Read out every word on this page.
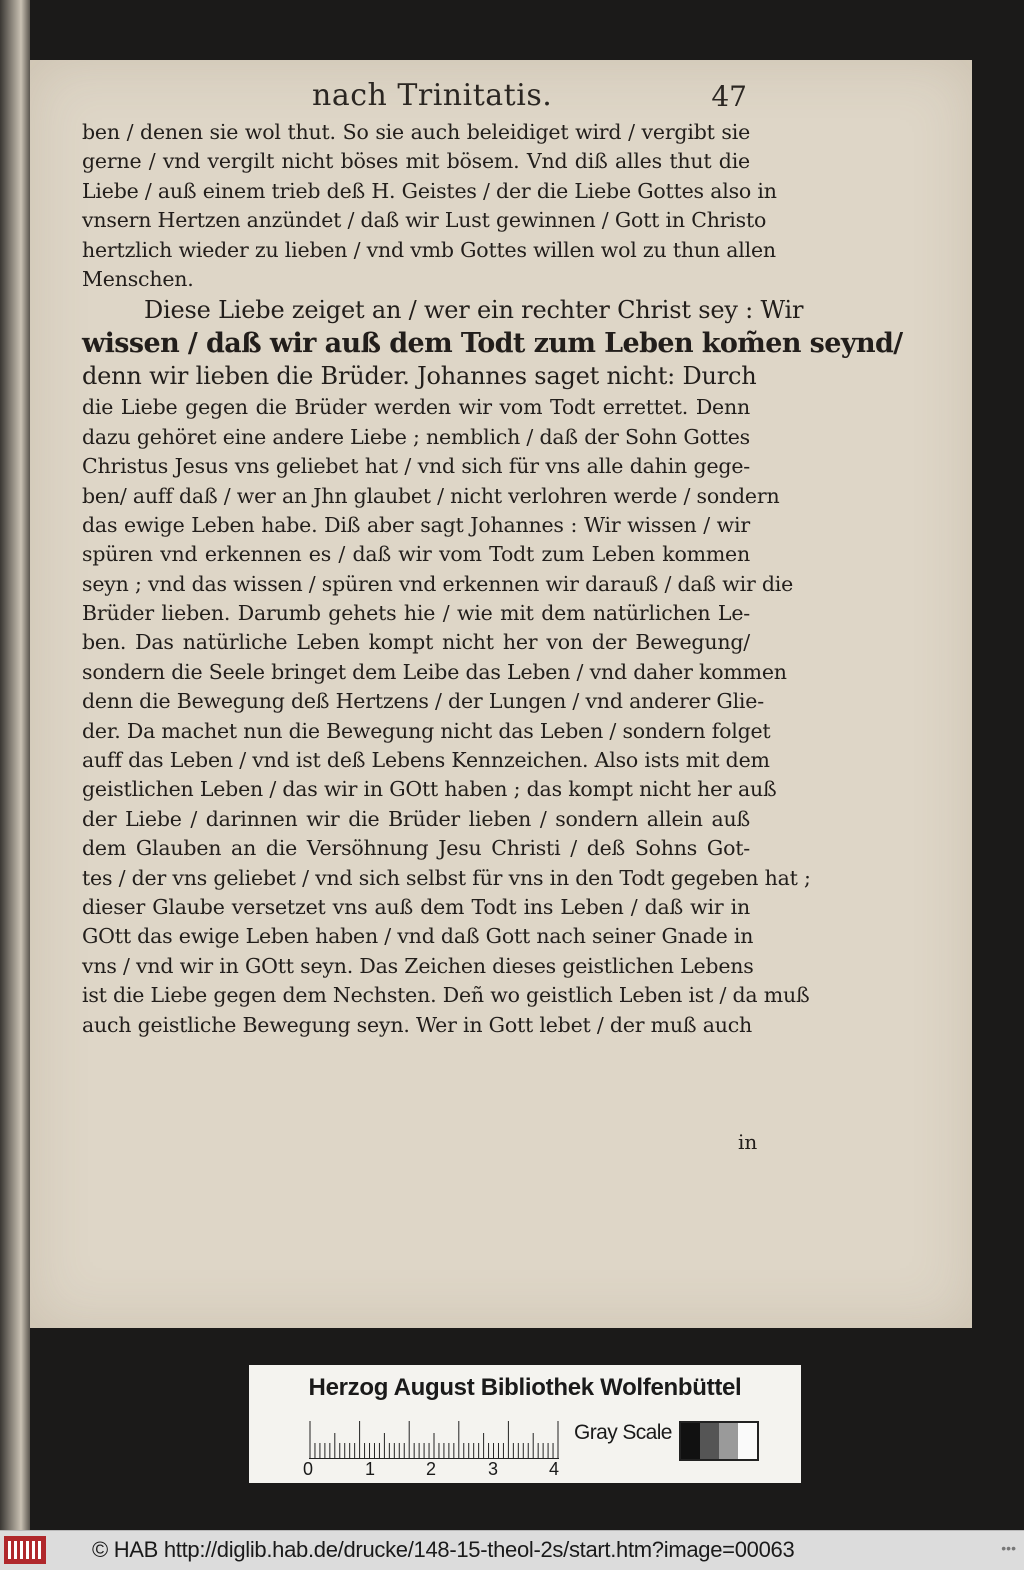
nach Trinitatis.	47
ben / denen sie wol thut. So sie auch beleidiget wird / vergibt sie
gerne / vnd vergilt nicht böses mit bösem. Vnd diß alles thut die
Liebe / auß einem trieb deß H. Geistes / der die Liebe Gottes also in
vnsern Hertzen anzündet / daß wir Lust gewinnen / Gott in Christo
hertzlich wieder zu lieben / vnd vmb Gottes willen wol zu thun allen
Menschen.
Diese Liebe zeiget an / wer ein rechter Christ sey : Wir
wissen / daß wir auß dem Todt zum Leben kom̃en seynd/
denn wir lieben die Brüder. Johannes saget nicht: Durch
die Liebe gegen die Brüder werden wir vom Todt errettet. Denn
dazu gehöret eine andere Liebe ; nemblich / daß der Sohn Gottes
Christus Jesus vns geliebet hat / vnd sich für vns alle dahin gege-
ben/ auff daß / wer an Jhn glaubet / nicht verlohren werde / sondern
das ewige Leben habe. Diß aber sagt Johannes : Wir wissen / wir
spüren vnd erkennen es / daß wir vom Todt zum Leben kommen
seyn ; vnd das wissen / spüren vnd erkennen wir darauß / daß wir die
Brüder lieben. Darumb gehets hie / wie mit dem natürlichen Le-
ben. Das natürliche Leben kompt nicht her von der Bewegung/
sondern die Seele bringet dem Leibe das Leben / vnd daher kommen
denn die Bewegung deß Hertzens / der Lungen / vnd anderer Glie-
der. Da machet nun die Bewegung nicht das Leben / sondern folget
auff das Leben / vnd ist deß Lebens Kennzeichen. Also ists mit dem
geistlichen Leben / das wir in GOtt haben ; das kompt nicht her auß
der Liebe / darinnen wir die Brüder lieben / sondern allein auß
dem Glauben an die Versöhnung Jesu Christi / deß Sohns Got-
tes / der vns geliebet / vnd sich selbst für vns in den Todt gegeben hat ;
dieser Glaube versetzet vns auß dem Todt ins Leben / daß wir in
GOtt das ewige Leben haben / vnd daß Gott nach seiner Gnade in
vns / vnd wir in GOtt seyn. Das Zeichen dieses geistlichen Lebens
ist die Liebe gegen dem Nechsten. Deñ wo geistlich Leben ist / da muß
auch geistliche Bewegung seyn. Wer in Gott lebet / der muß auch
in
Herzog August Bibliothek Wolfenbüttel
0	1	2	3	4
Gray Scale
© HAB http://diglib.hab.de/drucke/148-15-theol-2s/start.htm?image=00063	•••
